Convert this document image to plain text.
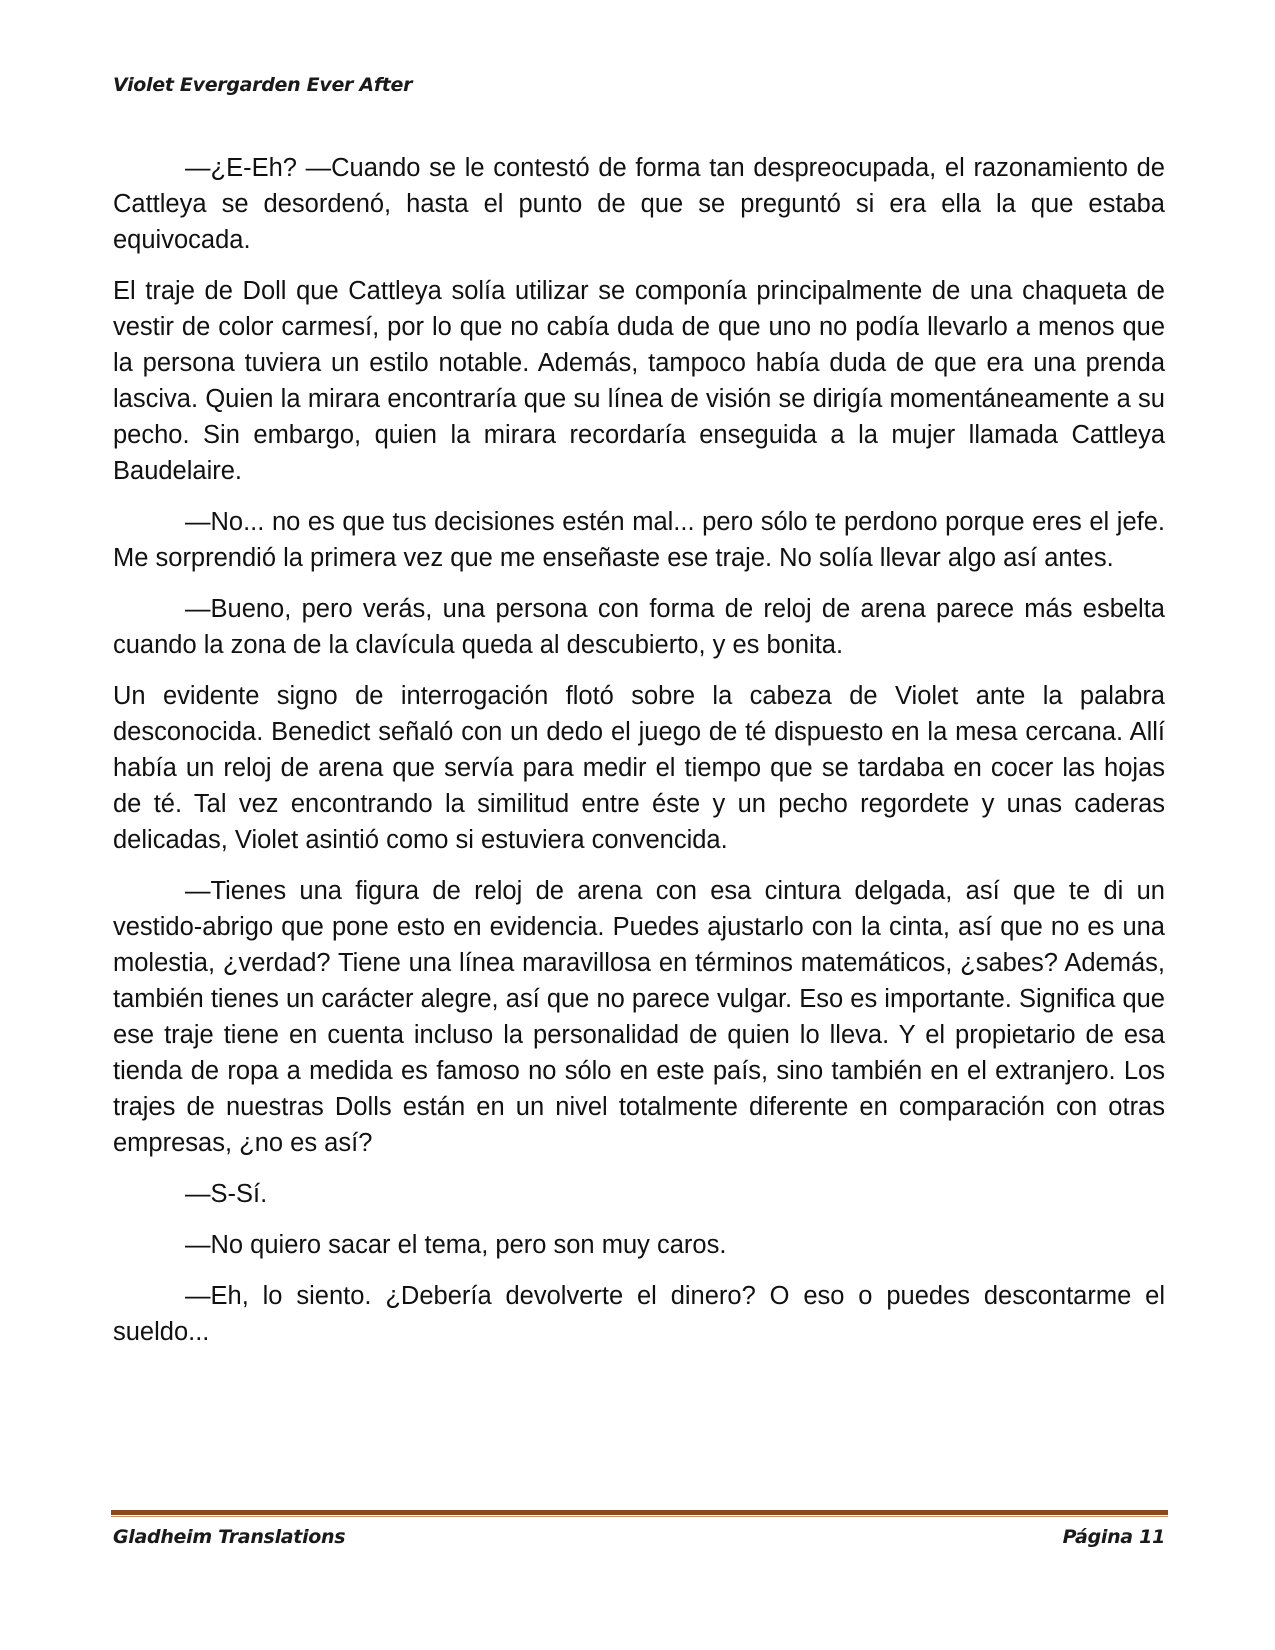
Violet Evergarden Ever After

—¿E-Eh? —Cuando se le contestó de forma tan despreocupada, el razonamiento de Cattleya se desordenó, hasta el punto de que se preguntó si era ella la que estaba equivocada.

El traje de Doll que Cattleya solía utilizar se componía principalmente de una chaqueta de vestir de color carmesí, por lo que no cabía duda de que uno no podía llevarlo a menos que la persona tuviera un estilo notable. Además, tampoco había duda de que era una prenda lasciva. Quien la mirara encontraría que su línea de visión se dirigía momentáneamente a su pecho. Sin embargo, quien la mirara recordaría enseguida a la mujer llamada Cattleya Baudelaire.

—No... no es que tus decisiones estén mal... pero sólo te perdono porque eres el jefe. Me sorprendió la primera vez que me enseñaste ese traje. No solía llevar algo así antes.

—Bueno, pero verás, una persona con forma de reloj de arena parece más esbelta cuando la zona de la clavícula queda al descubierto, y es bonita.

Un evidente signo de interrogación flotó sobre la cabeza de Violet ante la palabra desconocida. Benedict señaló con un dedo el juego de té dispuesto en la mesa cercana. Allí había un reloj de arena que servía para medir el tiempo que se tardaba en cocer las hojas de té. Tal vez encontrando la similitud entre éste y un pecho regordete y unas caderas delicadas, Violet asintió como si estuviera convencida.

—Tienes una figura de reloj de arena con esa cintura delgada, así que te di un vestido-abrigo que pone esto en evidencia. Puedes ajustarlo con la cinta, así que no es una molestia, ¿verdad? Tiene una línea maravillosa en términos matemáticos, ¿sabes? Además, también tienes un carácter alegre, así que no parece vulgar. Eso es importante. Significa que ese traje tiene en cuenta incluso la personalidad de quien lo lleva. Y el propietario de esa tienda de ropa a medida es famoso no sólo en este país, sino también en el extranjero. Los trajes de nuestras Dolls están en un nivel totalmente diferente en comparación con otras empresas, ¿no es así?

—S-Sí.

—No quiero sacar el tema, pero son muy caros.

—Eh, lo siento. ¿Debería devolverte el dinero? O eso o puedes descontarme el sueldo...

Gladheim Translations	Página 11
